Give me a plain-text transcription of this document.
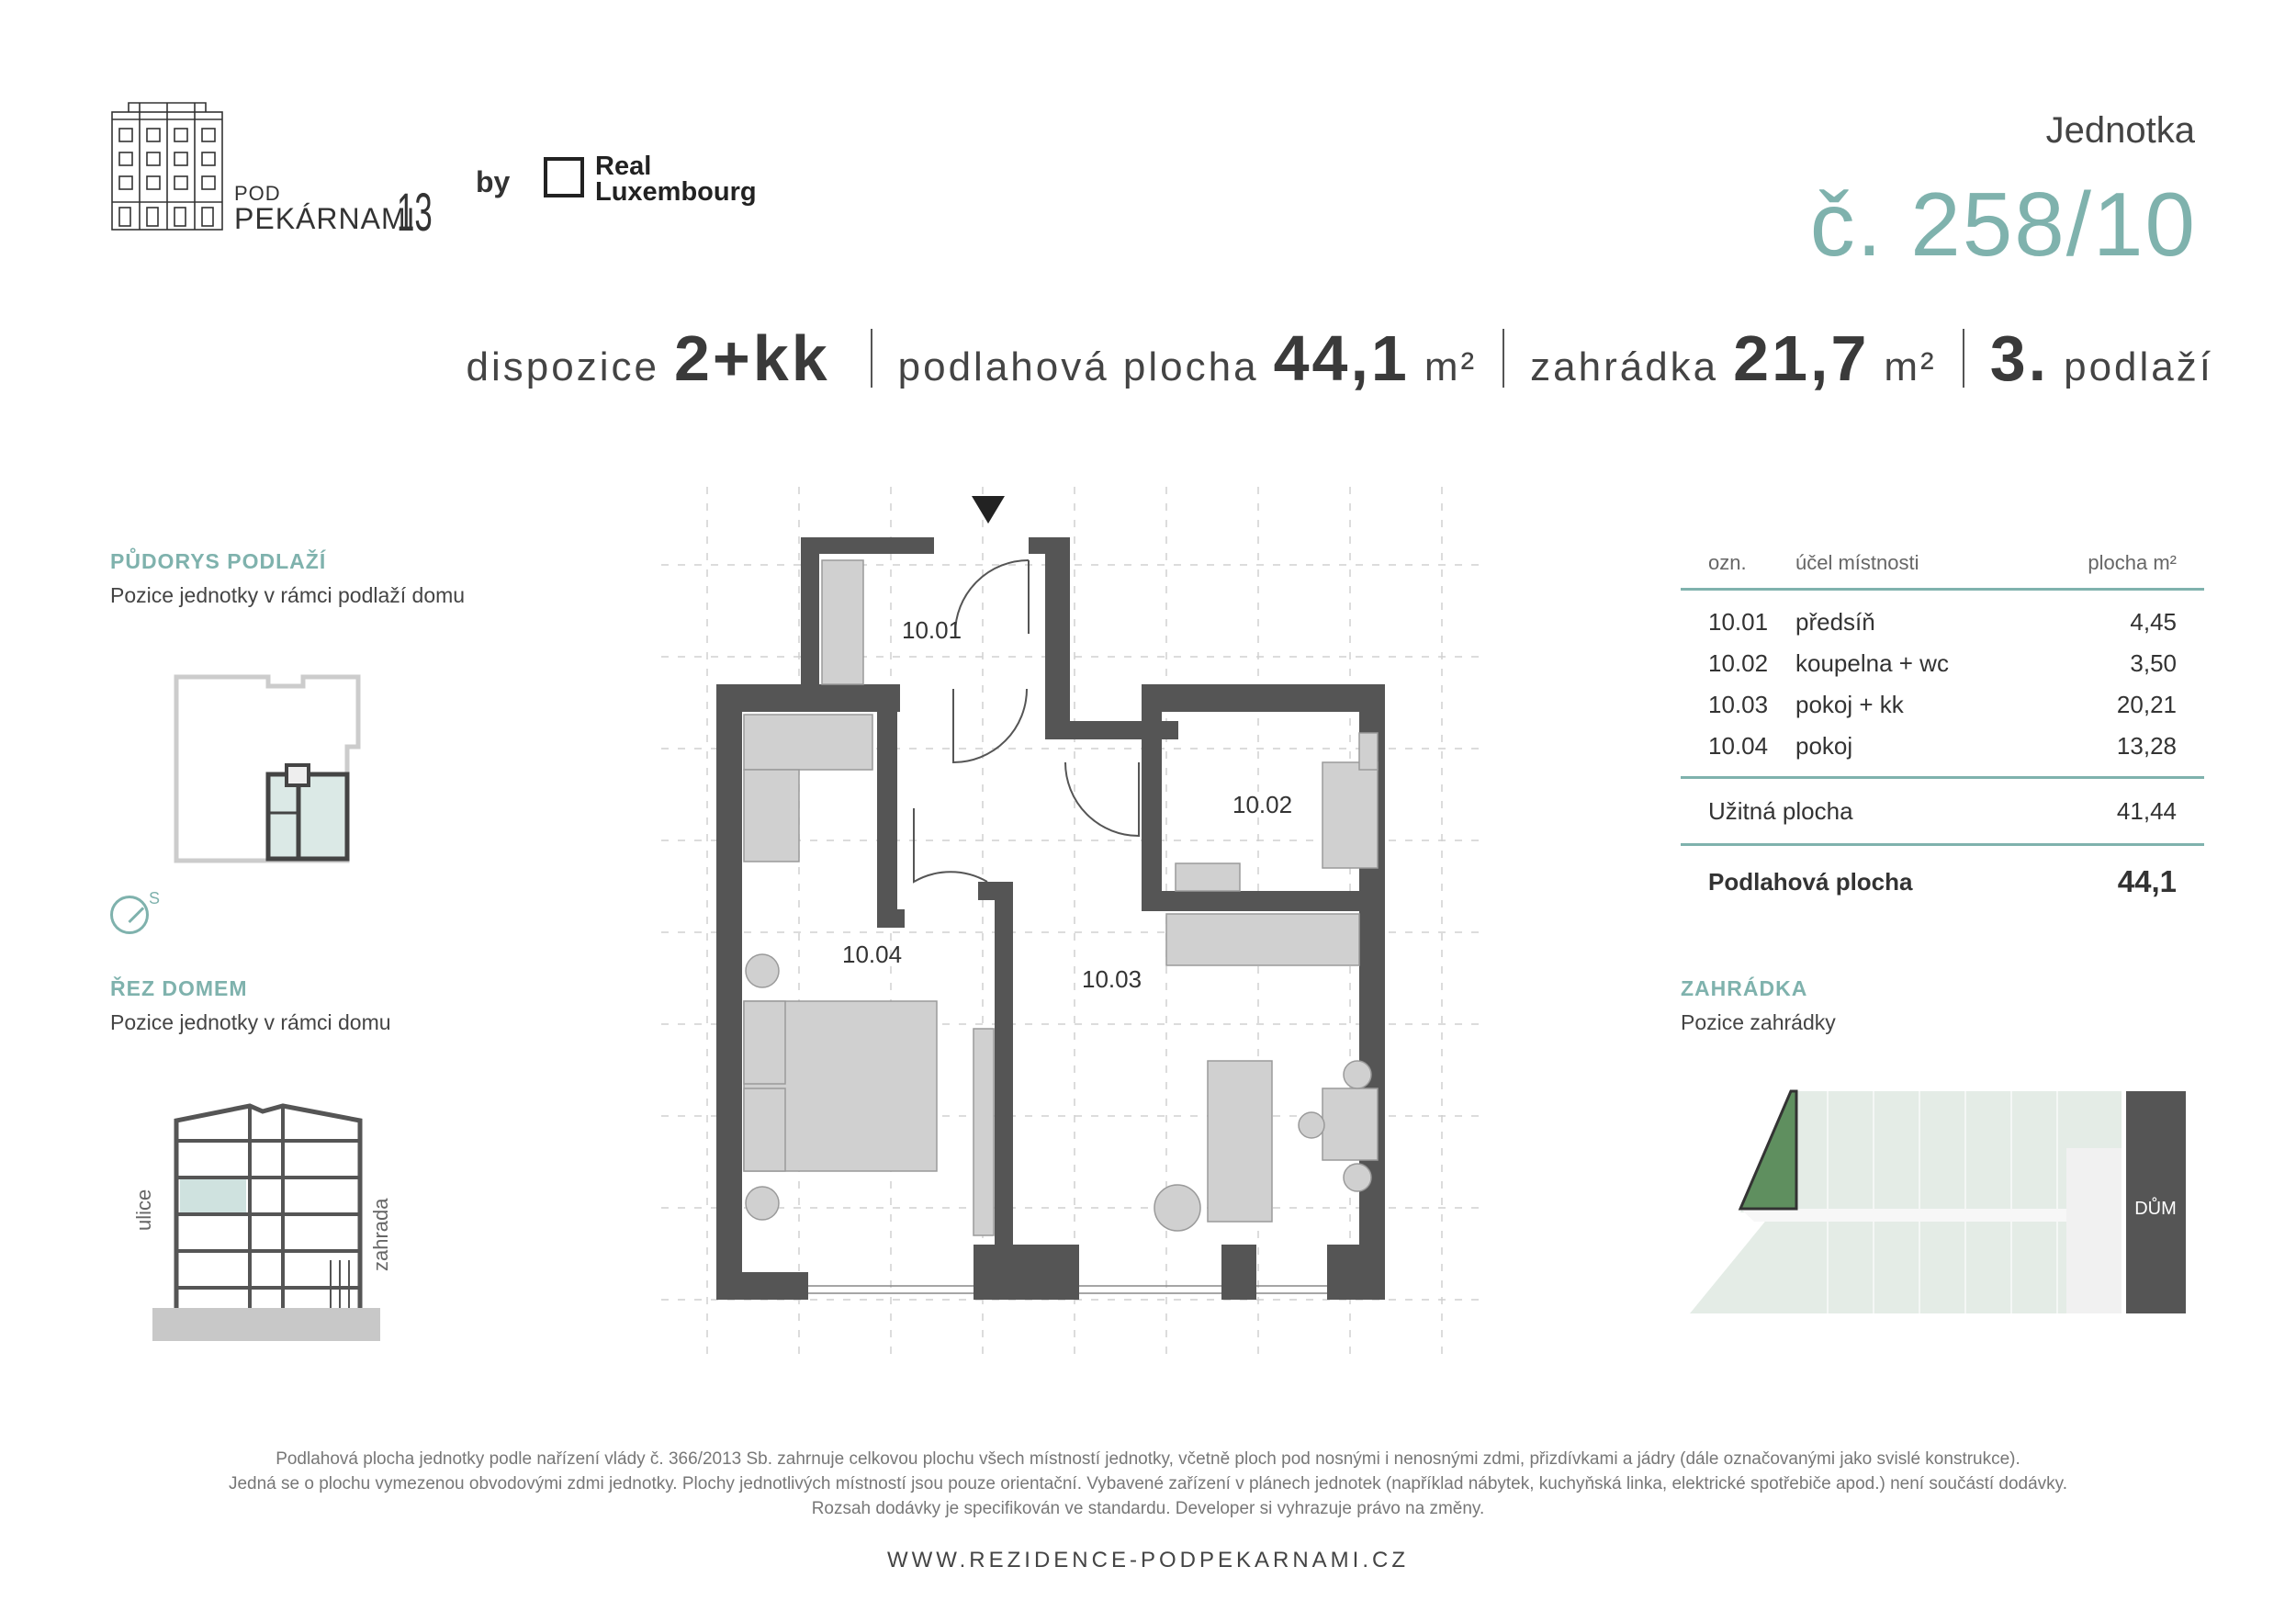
POD
PEKÁRNAMI
13
by	Real
Luxembourg
Jednotka
č. 258/10
dispozice 2+kk podlahová plocha 44,1 m² zahrádka 21,7 m² 3. podlaží
PŮDORYS PODLAŽÍ
Pozice jednotky v rámci podlaží domu
S
ŘEZ DOMEM
Pozice jednotky v rámci domu
ulice	zahrada
10.01
10.02
10.03
10.04
ozn.	účel místnosti	plocha m²
10.01	předsíň	4,45
10.02	koupelna + wc	3,50
10.03	pokoj + kk	20,21
10.04	pokoj	13,28
Užitná plocha	41,44
Podlahová plocha	44,1
ZAHRÁDKA
Pozice zahrádky
DŮM
Podlahová plocha jednotky podle nařízení vlády č. 366/2013 Sb. zahrnuje celkovou plochu všech místností jednotky, včetně ploch pod nosnými i nenosnými zdmi, přizdívkami a jádry (dále označovanými jako svislé konstrukce).
Jedná se o plochu vymezenou obvodovými zdmi jednotky. Plochy jednotlivých místností jsou pouze orientační. Vybavené zařízení v plánech jednotek (například nábytek, kuchyňská linka, elektrické spotřebiče apod.) není součástí dodávky.
Rozsah dodávky je specifikován ve standardu. Developer si vyhrazuje právo na změny.
WWW.REZIDENCE-PODPEKARNAMI.CZ
